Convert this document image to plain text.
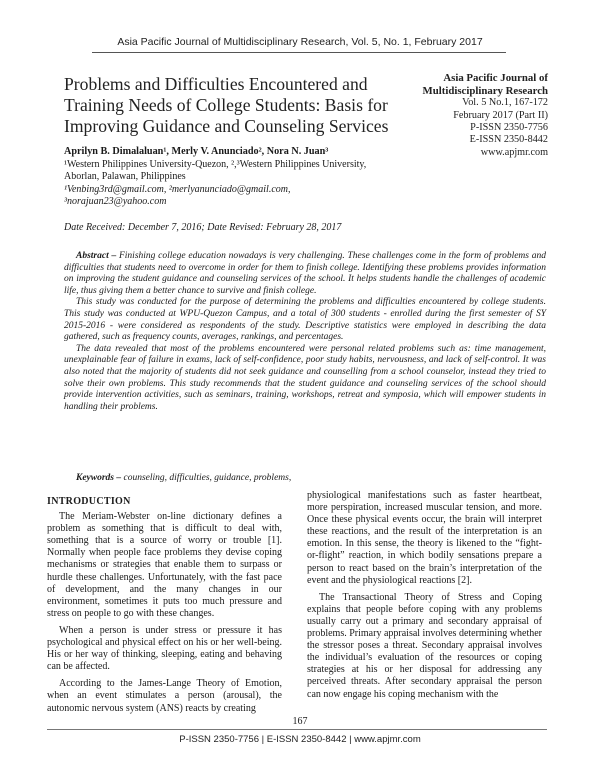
Asia Pacific Journal of Multidisciplinary Research, Vol. 5, No. 1, February 2017
Problems and Difficulties Encountered and Training Needs of College Students: Basis for Improving Guidance and Counseling Services
Asia Pacific Journal of Multidisciplinary Research
Vol. 5 No.1, 167-172
February 2017 (Part II)
P-ISSN 2350-7756
E-ISSN 2350-8442
www.apjmr.com
Aprilyn B. Dimalaluan¹, Merly V. Anunciado², Nora N. Juan³
¹Western Philippines University-Quezon, ²,³Western Philippines University, Aborlan, Palawan, Philippines
¹Venbing3rd@gmail.com, ²merlyanunciado@gmail.com,
³norajuan23@yahoo.com
Date Received: December 7, 2016; Date Revised: February 28, 2017

Abstract – Finishing college education nowadays is very challenging. These challenges come in the form of problems and difficulties that students need to overcome in order for them to finish college. Identifying these problems provides information on improving the student guidance and counseling services of the school. It helps students handle the challenges of academic life, thus giving them a better chance to survive and finish college.

This study was conducted for the purpose of determining the problems and difficulties encountered by college students. This study was conducted at WPU-Quezon Campus, and a total of 300 students - enrolled during the first semester of SY 2015-2016 - were considered as respondents of the study. Descriptive statistics were employed in describing the data gathered, such as frequency counts, averages, rankings, and percentages.

The data revealed that most of the problems encountered were personal related problems such as: time management, unexplainable fear of failure in exams, lack of self-confidence, poor study habits, nervousness, and lack of self-control. It was also noted that the majority of students did not seek guidance and counselling from a school counselor, instead they tried to solve their own problems. This study recommends that the student guidance and counseling services of the school should provide intervention activities, such as seminars, training, workshops, retreat and symposia, which will empower students in handling their problems.

Keywords – counseling, difficulties, guidance, problems,
INTRODUCTION

The Meriam-Webster on-line dictionary defines a problem as something that is difficult to deal with, something that is a source of worry or trouble [1]. Normally when people face problems they devise coping mechanisms or strategies that enable them to surpass or hurdle these challenges. Unfortunately, with the fast pace of development, and the many changes in our environment, sometimes it puts too much pressure and stress on people to go with these changes.

When a person is under stress or pressure it has psychological and physical effect on his or her well-being. His or her way of thinking, sleeping, eating and behaving can be affected.

According to the James-Lange Theory of Emotion, when an event stimulates a person (arousal), the autonomic nervous system (ANS) reacts by creating

physiological manifestations such as faster heartbeat, more perspiration, increased muscular tension, and more. Once these physical events occur, the brain will interpret these reactions, and the result of the interpretation is an emotion. In this sense, the theory is likened to the “fight-or-flight” reaction, in which bodily sensations prepare a person to react based on the brain’s interpretation of the event and the physiological reactions [2].

The Transactional Theory of Stress and Coping explains that people before coping with any problems usually carry out a primary and secondary appraisal of problems. Primary appraisal involves determining whether the stressor poses a threat. Secondary appraisal involves the individual’s evaluation of the resources or coping strategies at his or her disposal for addressing any perceived threats. After secondary appraisal the person can now engage his coping mechanism with the

167
P-ISSN 2350-7756 | E-ISSN 2350-8442 | www.apjmr.com
